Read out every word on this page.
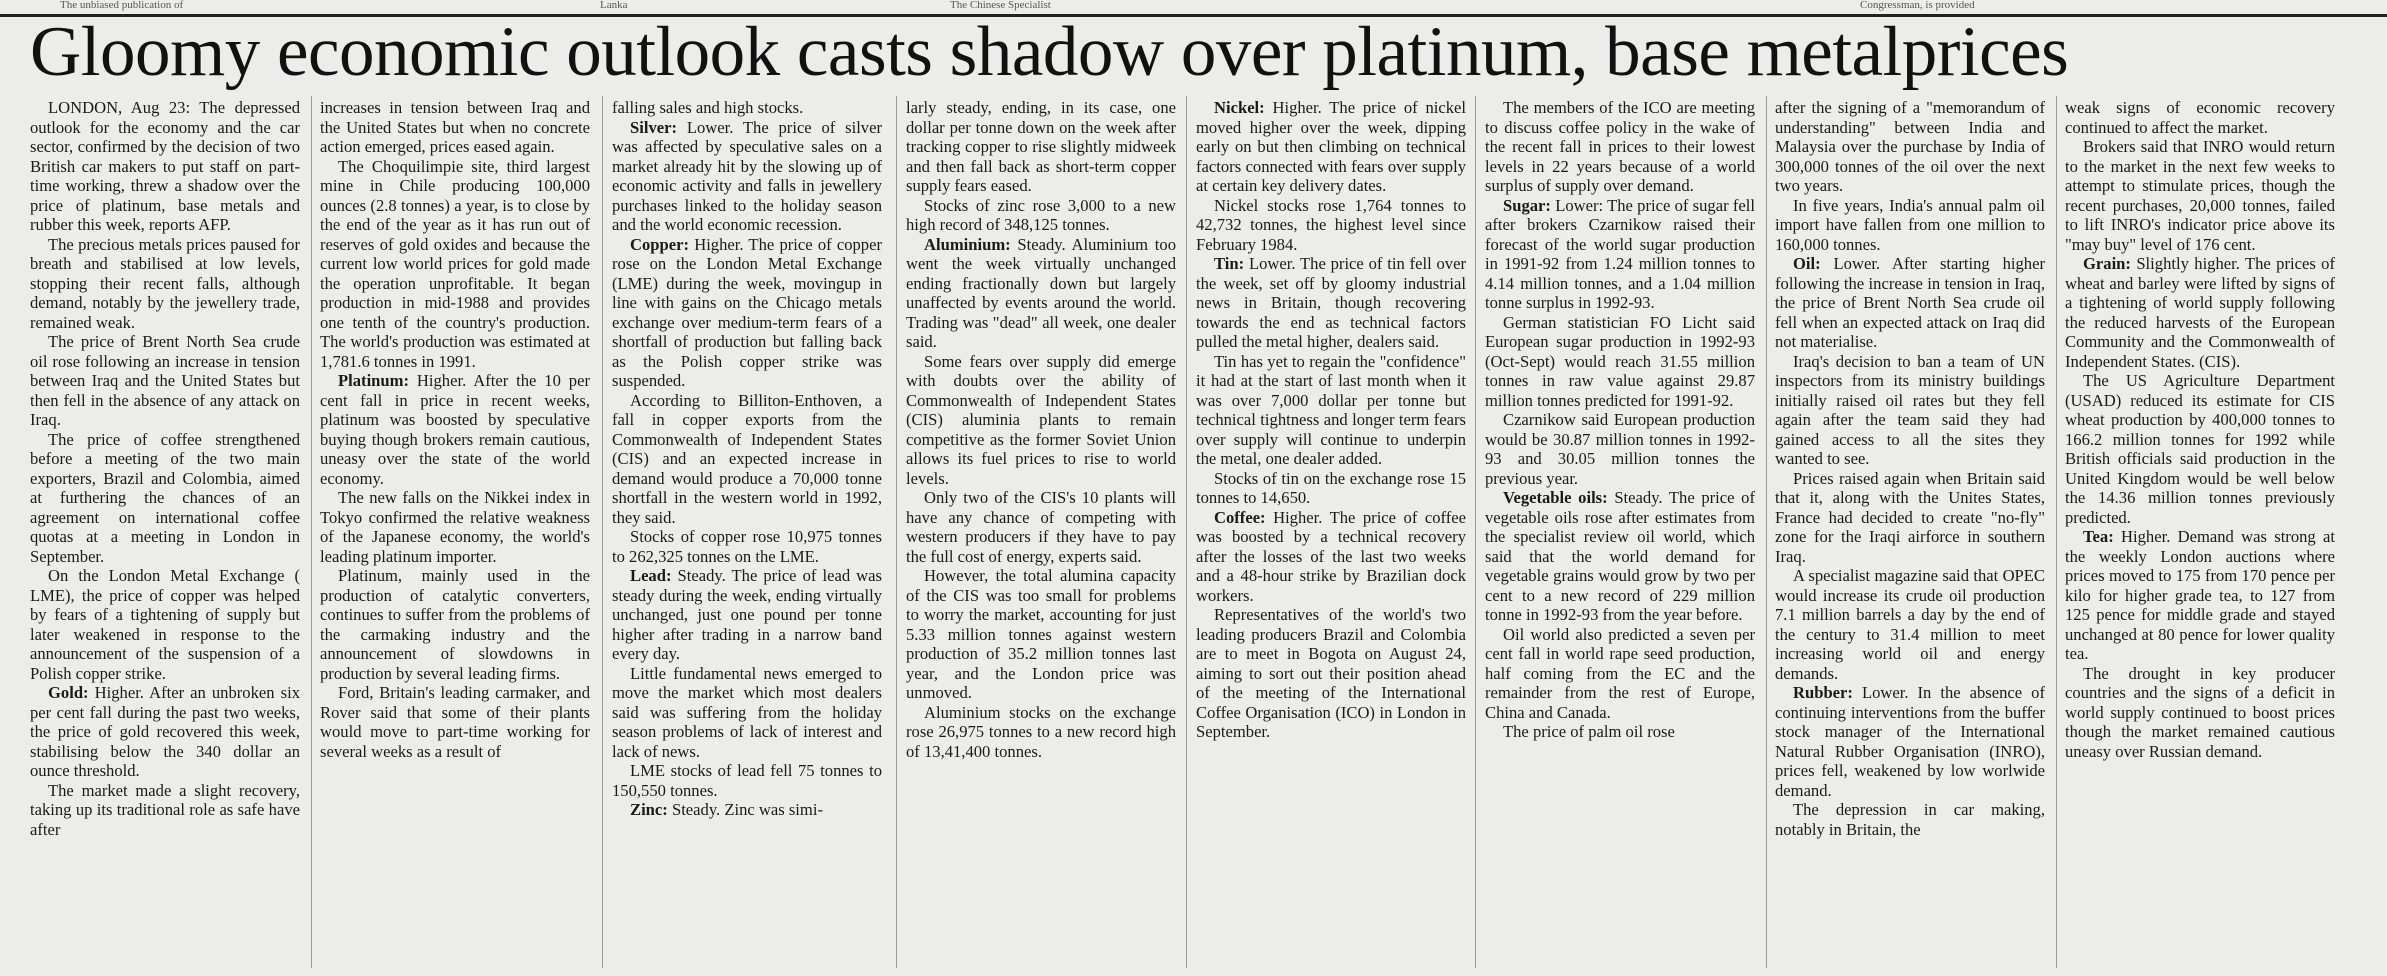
The unbiased publication of	Lanka	The Chinese Specialist	Congressman, is provided
Gloomy economic outlook casts shadow over platinum, base metalprices

LONDON, Aug 23: The depressed outlook for the economy and the car sector, confirmed by the decision of two British car makers to put staff on part-time working, threw a shadow over the price of platinum, base metals and rubber this week, reports AFP.

The precious metals prices paused for breath and stabilised at low levels, stopping their recent falls, although demand, notably by the jewellery trade, remained weak.

The price of Brent North Sea crude oil rose following an increase in tension between Iraq and the United States but then fell in the absence of any attack on Iraq.

The price of coffee strengthened before a meeting of the two main exporters, Brazil and Colombia, aimed at furthering the chances of an agreement on international coffee quotas at a meeting in London in September.

On the London Metal Exchange ( LME), the price of copper was helped by fears of a tightening of supply but later weakened in response to the announcement of the suspension of a Polish copper strike.

Gold: Higher. After an unbroken six per cent fall during the past two weeks, the price of gold recovered this week, stabilising below the 340 dollar an ounce threshold.

The market made a slight recovery, taking up its traditional role as safe have after

increases in tension between Iraq and the United States but when no concrete action emerged, prices eased again.

The Choquilimpie site, third largest mine in Chile producing 100,000 ounces (2.8 tonnes) a year, is to close by the end of the year as it has run out of reserves of gold oxides and because the current low world prices for gold made the operation unprofitable. It began production in mid-1988 and provides one tenth of the country's production. The world's production was estimated at 1,781.6 tonnes in 1991.

Platinum: Higher. After the 10 per cent fall in price in recent weeks, platinum was boosted by speculative buying though brokers remain cautious, uneasy over the state of the world economy.

The new falls on the Nikkei index in Tokyo confirmed the relative weakness of the Japanese economy, the world's leading platinum importer.

Platinum, mainly used in the production of catalytic converters, continues to suffer from the problems of the carmaking industry and the announcement of slowdowns in production by several leading firms.

Ford, Britain's leading carmaker, and Rover said that some of their plants would move to part-time working for several weeks as a result of

falling sales and high stocks.

Silver: Lower. The price of silver was affected by speculative sales on a market already hit by the slowing up of economic activity and falls in jewellery purchases linked to the holiday season and the world economic recession.

Copper: Higher. The price of copper rose on the London Metal Exchange (LME) during the week, movingup in line with gains on the Chicago metals exchange over medium-term fears of a shortfall of production but falling back as the Polish copper strike was suspended.

According to Billiton-Enthoven, a fall in copper exports from the Commonwealth of Independent States (CIS) and an expected increase in demand would produce a 70,000 tonne shortfall in the western world in 1992, they said.

Stocks of copper rose 10,975 tonnes to 262,325 tonnes on the LME.

Lead: Steady. The price of lead was steady during the week, ending virtually unchanged, just one pound per tonne higher after trading in a narrow band every day.

Little fundamental news emerged to move the market which most dealers said was suffering from the holiday season problems of lack of interest and lack of news.

LME stocks of lead fell 75 tonnes to 150,550 tonnes.

Zinc: Steady. Zinc was simi-

larly steady, ending, in its case, one dollar per tonne down on the week after tracking copper to rise slightly midweek and then fall back as short-term copper supply fears eased.

Stocks of zinc rose 3,000 to a new high record of 348,125 tonnes.

Aluminium: Steady. Aluminium too went the week virtually unchanged ending fractionally down but largely unaffected by events around the world. Trading was "dead" all week, one dealer said.

Some fears over supply did emerge with doubts over the ability of Commonwealth of Independent States (CIS) aluminia plants to remain competitive as the former Soviet Union allows its fuel prices to rise to world levels.

Only two of the CIS's 10 plants will have any chance of competing with western producers if they have to pay the full cost of energy, experts said.

However, the total alumina capacity of the CIS was too small for problems to worry the market, accounting for just 5.33 million tonnes against western production of 35.2 million tonnes last year, and the London price was unmoved.

Aluminium stocks on the exchange rose 26,975 tonnes to a new record high of 13,41,400 tonnes.

Nickel: Higher. The price of nickel moved higher over the week, dipping early on but then climbing on technical factors connected with fears over supply at certain key delivery dates.

Nickel stocks rose 1,764 tonnes to 42,732 tonnes, the highest level since February 1984.

Tin: Lower. The price of tin fell over the week, set off by gloomy industrial news in Britain, though recovering towards the end as technical factors pulled the metal higher, dealers said.

Tin has yet to regain the "confidence" it had at the start of last month when it was over 7,000 dollar per tonne but technical tightness and longer term fears over supply will continue to underpin the metal, one dealer added.

Stocks of tin on the exchange rose 15 tonnes to 14,650.

Coffee: Higher. The price of coffee was boosted by a technical recovery after the losses of the last two weeks and a 48-hour strike by Brazilian dock workers.

Representatives of the world's two leading producers Brazil and Colombia are to meet in Bogota on August 24, aiming to sort out their position ahead of the meeting of the International Coffee Organisation (ICO) in London in September.

The members of the ICO are meeting to discuss coffee policy in the wake of the recent fall in prices to their lowest levels in 22 years because of a world surplus of supply over demand.

Sugar: Lower: The price of sugar fell after brokers Czarnikow raised their forecast of the world sugar production in 1991-92 from 1.24 million tonnes to 4.14 million tonnes, and a 1.04 million tonne surplus in 1992-93.

German statistician FO Licht said European sugar production in 1992-93 (Oct-Sept) would reach 31.55 million tonnes in raw value against 29.87 million tonnes predicted for 1991-92.

Czarnikow said European production would be 30.87 million tonnes in 1992-93 and 30.05 million tonnes the previous year.

Vegetable oils: Steady. The price of vegetable oils rose after estimates from the specialist review oil world, which said that the world demand for vegetable grains would grow by two per cent to a new record of 229 million tonne in 1992-93 from the year before.

Oil world also predicted a seven per cent fall in world rape seed production, half coming from the EC and the remainder from the rest of Europe, China and Canada.

The price of palm oil rose

after the signing of a "memorandum of understanding" between India and Malaysia over the purchase by India of 300,000 tonnes of the oil over the next two years.

In five years, India's annual palm oil import have fallen from one million to 160,000 tonnes.

Oil: Lower. After starting higher following the increase in tension in Iraq, the price of Brent North Sea crude oil fell when an expected attack on Iraq did not materialise.

Iraq's decision to ban a team of UN inspectors from its ministry buildings initially raised oil rates but they fell again after the team said they had gained access to all the sites they wanted to see.

Prices raised again when Britain said that it, along with the Unites States, France had decided to create "no-fly" zone for the Iraqi airforce in southern Iraq.

A specialist magazine said that OPEC would increase its crude oil production 7.1 million barrels a day by the end of the century to 31.4 million to meet increasing world oil and energy demands.

Rubber: Lower. In the absence of continuing interventions from the buffer stock manager of the International Natural Rubber Organisation (INRO), prices fell, weakened by low worlwide demand.

The depression in car making, notably in Britain, the

weak signs of economic recovery continued to affect the market.

Brokers said that INRO would return to the market in the next few weeks to attempt to stimulate prices, though the recent purchases, 20,000 tonnes, failed to lift INRO's indicator price above its "may buy" level of 176 cent.

Grain: Slightly higher. The prices of wheat and barley were lifted by signs of a tightening of world supply following the reduced harvests of the European Community and the Commonwealth of Independent States. (CIS).

The US Agriculture Department (USAD) reduced its estimate for CIS wheat production by 400,000 tonnes to 166.2 million tonnes for 1992 while British officials said production in the United Kingdom would be well below the 14.36 million tonnes previously predicted.

Tea: Higher. Demand was strong at the weekly London auctions where prices moved to 175 from 170 pence per kilo for higher grade tea, to 127 from 125 pence for middle grade and stayed unchanged at 80 pence for lower quality tea.

The drought in key producer countries and the signs of a deficit in world supply continued to boost prices though the market remained cautious uneasy over Russian demand.
